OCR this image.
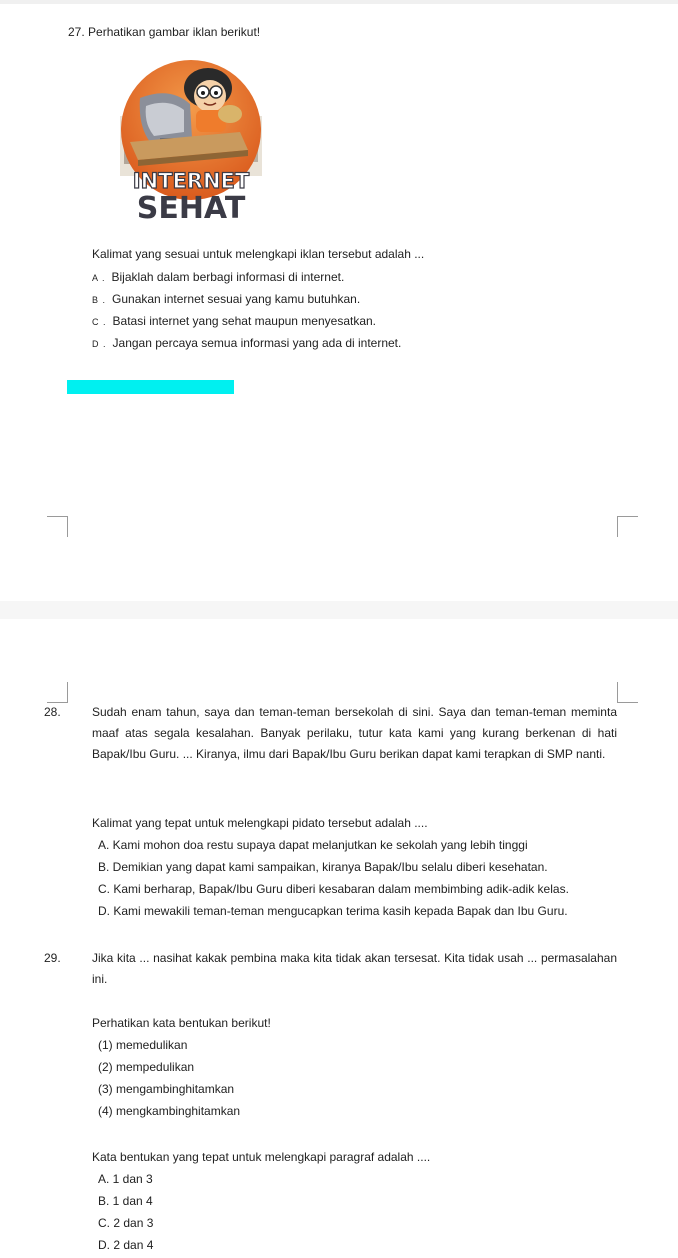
27. Perhatikan gambar iklan berikut!
INTERNET
SEHAT
Kalimat yang sesuai untuk melengkapi iklan tersebut adalah ...
A . Bijaklah dalam berbagi informasi di internet.
B . Gunakan internet sesuai yang kamu butuhkan.
C . Batasi internet yang sehat maupun menyesatkan.
D . Jangan percaya semua informasi yang ada di internet.
28.	Sudah enam tahun, saya dan teman-teman bersekolah di sini. Saya dan teman-teman meminta maaf atas segala kesalahan. Banyak perilaku, tutur kata kami yang kurang berkenan di hati Bapak/Ibu Guru. ... Kiranya, ilmu dari Bapak/Ibu Guru berikan dapat kami terapkan di SMP nanti.
Kalimat yang tepat untuk melengkapi pidato tersebut adalah ....
A. Kami mohon doa restu supaya dapat melanjutkan ke sekolah yang lebih tinggi
B. Demikian yang dapat kami sampaikan, kiranya Bapak/Ibu selalu diberi kesehatan.
C. Kami berharap, Bapak/Ibu Guru diberi kesabaran dalam membimbing adik-adik kelas.
D. Kami mewakili teman-teman mengucapkan terima kasih kepada Bapak dan Ibu Guru.
29.	Jika kita ... nasihat kakak pembina maka kita tidak akan tersesat. Kita tidak usah ... permasalahan ini.
Perhatikan kata bentukan berikut!
(1) memedulikan
(2) mempedulikan
(3) mengambinghitamkan
(4) mengkambinghitamkan
Kata bentukan yang tepat untuk melengkapi paragraf adalah ....
A. 1 dan 3
B. 1 dan 4
C. 2 dan 3
D. 2 dan 4
